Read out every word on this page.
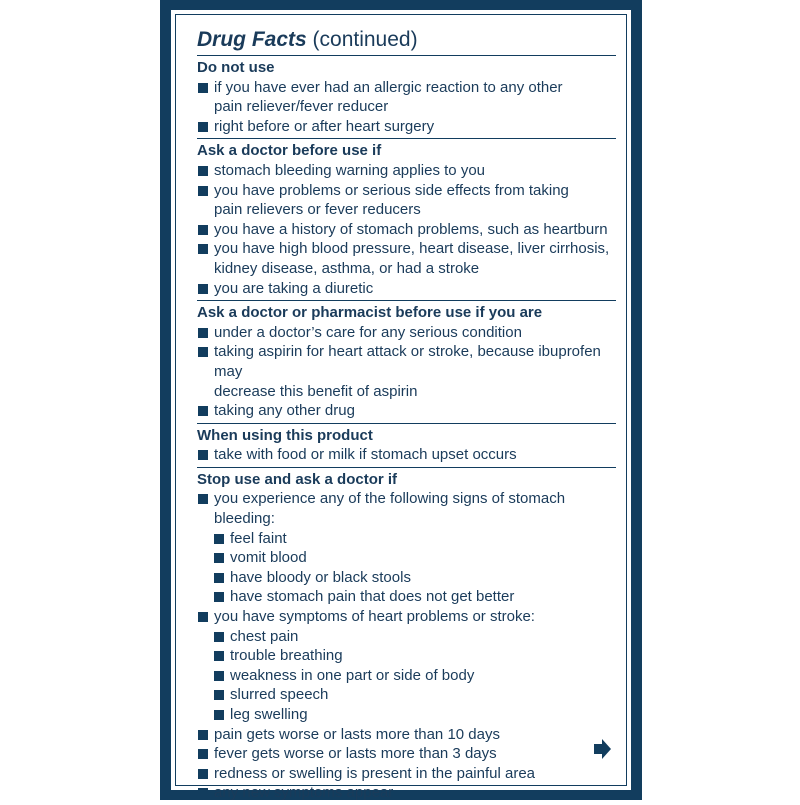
Drug Facts (continued)
Do not use
if you have ever had an allergic reaction to any other
pain reliever/fever reducer
right before or after heart surgery
Ask a doctor before use if
stomach bleeding warning applies to you
you have problems or serious side effects from taking
pain relievers or fever reducers
you have a history of stomach problems, such as heartburn
you have high blood pressure, heart disease, liver cirrhosis,
kidney disease, asthma, or had a stroke
you are taking a diuretic
Ask a doctor or pharmacist before use if you are
under a doctor’s care for any serious condition
taking aspirin for heart attack or stroke, because ibuprofen may
decrease this benefit of aspirin
taking any other drug
When using this product
take with food or milk if stomach upset occurs
Stop use and ask a doctor if
you experience any of the following signs of stomach bleeding:
feel faint
vomit blood
have bloody or black stools
have stomach pain that does not get better
you have symptoms of heart problems or stroke:
chest pain
trouble breathing
weakness in one part or side of body
slurred speech
leg swelling
pain gets worse or lasts more than 10 days
fever gets worse or lasts more than 3 days
redness or swelling is present in the painful area
any new symptoms appear
